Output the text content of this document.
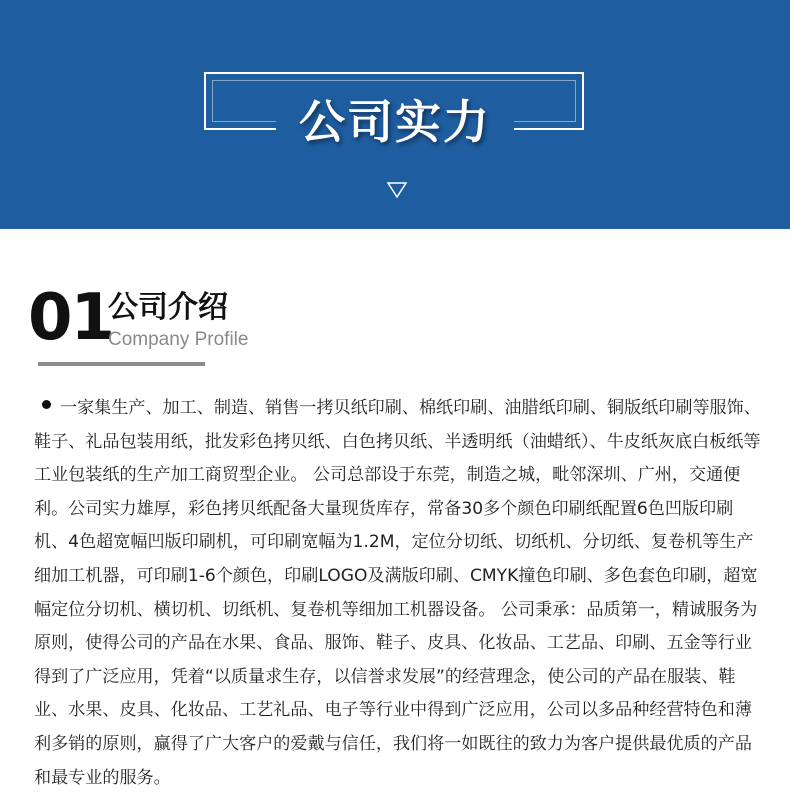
公司实力
01
公司介绍
Company Profile

一家集生产、加工、制造、销售一拷贝纸印刷、棉纸印刷、油腊纸印刷、铜版纸印刷等服饰、鞋子、礼品包装用纸，批发彩色拷贝纸、白色拷贝纸、半透明纸（油蜡纸）、牛皮纸灰底白板纸等工业包装纸的生产加工商贸型企业。 公司总部设于东莞，制造之城，毗邻深圳、广州，交通便利。公司实力雄厚，彩色拷贝纸配备大量现货库存，常备30多个颜色印刷纸配置6色凹版印刷机、4色超宽幅凹版印刷机，可印刷宽幅为1.2M，定位分切纸、切纸机、分切纸、复卷机等生产细加工机器，可印刷1-6个颜色，印刷LOGO及满版印刷、CMYK撞色印刷、多色套色印刷，超宽幅定位分切机、横切机、切纸机、复卷机等细加工机器设备。 公司秉承：品质第一，精诚服务为原则，使得公司的产品在水果、食品、服饰、鞋子、皮具、化妆品、工艺品、印刷、五金等行业得到了广泛应用，凭着“以质量求生存，以信誉求发展”的经营理念，使公司的产品在服装、鞋业、水果、皮具、化妆品、工艺礼品、电子等行业中得到广泛应用，公司以多品种经营特色和薄利多销的原则，赢得了广大客户的爱戴与信任，我们将一如既往的致力为客户提供最优质的产品和最专业的服务。
